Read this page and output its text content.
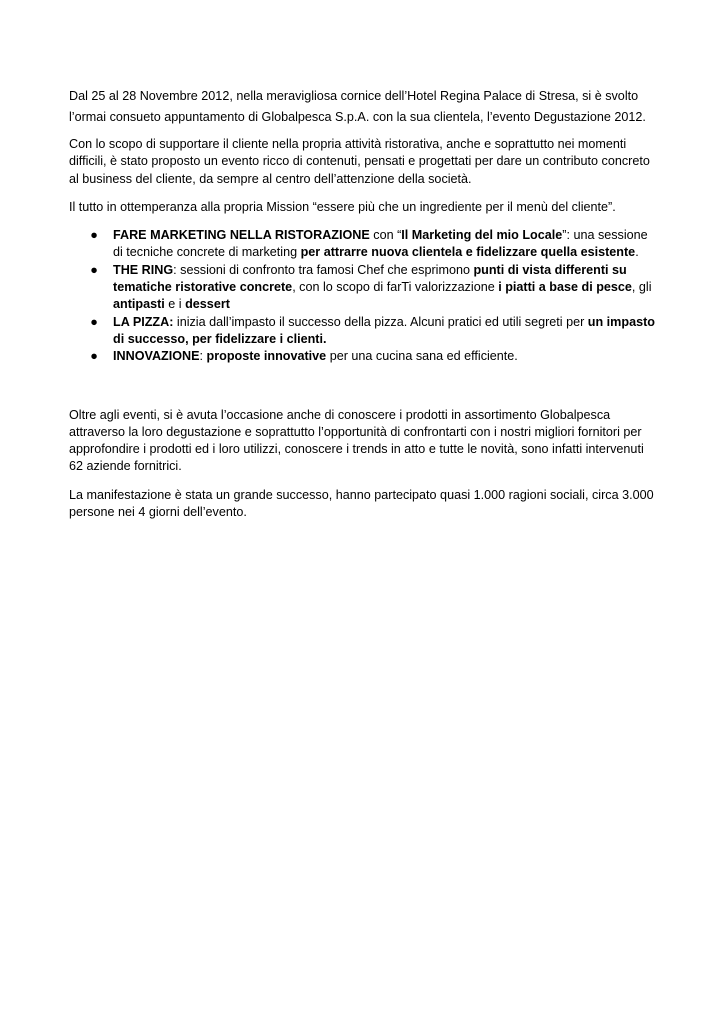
Dal 25 al 28 Novembre 2012, nella meravigliosa cornice dell’Hotel Regina Palace di Stresa, si è svolto l’ormai consueto appuntamento di Globalpesca S.p.A. con la sua clientela, l’evento Degustazione 2012.

Con lo scopo di supportare il cliente nella propria attività ristorativa, anche e soprattutto nei momenti difficili, è stato proposto un evento ricco di contenuti, pensati e progettati per dare un contributo concreto al business del cliente, da sempre al centro dell’attenzione della società.

Il tutto in ottemperanza alla propria Mission “essere più che un ingrediente per il menù del cliente”.

● FARE MARKETING NELLA RISTORAZIONE con “Il Marketing del mio Locale”: una sessione di tecniche concrete di marketing per attrarre nuova clientela e fidelizzare quella esistente.
● THE RING: sessioni di confronto tra famosi Chef che esprimono punti di vista differenti su tematiche ristorative concrete, con lo scopo di farTi valorizzazione i piatti a base di pesce, gli antipasti e i dessert
● LA PIZZA: inizia dall’impasto il successo della pizza. Alcuni pratici ed utili segreti per un impasto di successo, per fidelizzare i clienti.
● INNOVAZIONE: proposte innovative per una cucina sana ed efficiente.

Oltre agli eventi, si è avuta l’occasione anche di conoscere i prodotti in assortimento Globalpesca attraverso la loro degustazione e soprattutto l’opportunità di confrontarti con i nostri migliori fornitori per approfondire i prodotti ed i loro utilizzi, conoscere i trends in atto e tutte le novità, sono infatti intervenuti 62 aziende fornitrici.

La manifestazione è stata un grande successo, hanno partecipato quasi 1.000 ragioni sociali, circa 3.000 persone nei 4 giorni dell’evento.
